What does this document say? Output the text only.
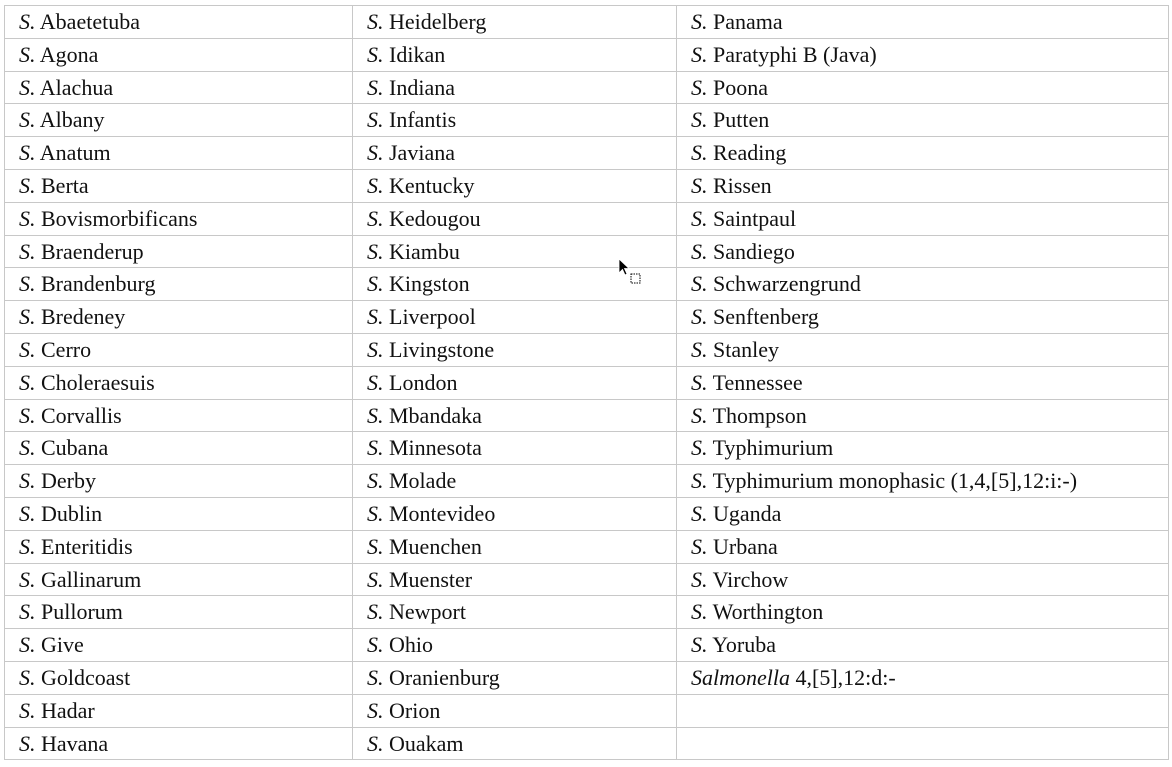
S. Abaetetuba	S. Heidelberg	S. Panama
S. Agona	S. Idikan	S. Paratyphi B (Java)
S. Alachua	S. Indiana	S. Poona
S. Albany	S. Infantis	S. Putten
S. Anatum	S. Javiana	S. Reading
S. Berta	S. Kentucky	S. Rissen
S. Bovismorbificans	S. Kedougou	S. Saintpaul
S. Braenderup	S. Kiambu	S. Sandiego
S. Brandenburg	S. Kingston	S. Schwarzengrund
S. Bredeney	S. Liverpool	S. Senftenberg
S. Cerro	S. Livingstone	S. Stanley
S. Choleraesuis	S. London	S. Tennessee
S. Corvallis	S. Mbandaka	S. Thompson
S. Cubana	S. Minnesota	S. Typhimurium
S. Derby	S. Molade	S. Typhimurium monophasic (1,4,[5],12:i:-)
S. Dublin	S. Montevideo	S. Uganda
S. Enteritidis	S. Muenchen	S. Urbana
S. Gallinarum	S. Muenster	S. Virchow
S. Pullorum	S. Newport	S. Worthington
S. Give	S. Ohio	S. Yoruba
S. Goldcoast	S. Oranienburg	Salmonella 4,[5],12:d:-
S. Hadar	S. Orion	
S. Havana	S. Ouakam	
